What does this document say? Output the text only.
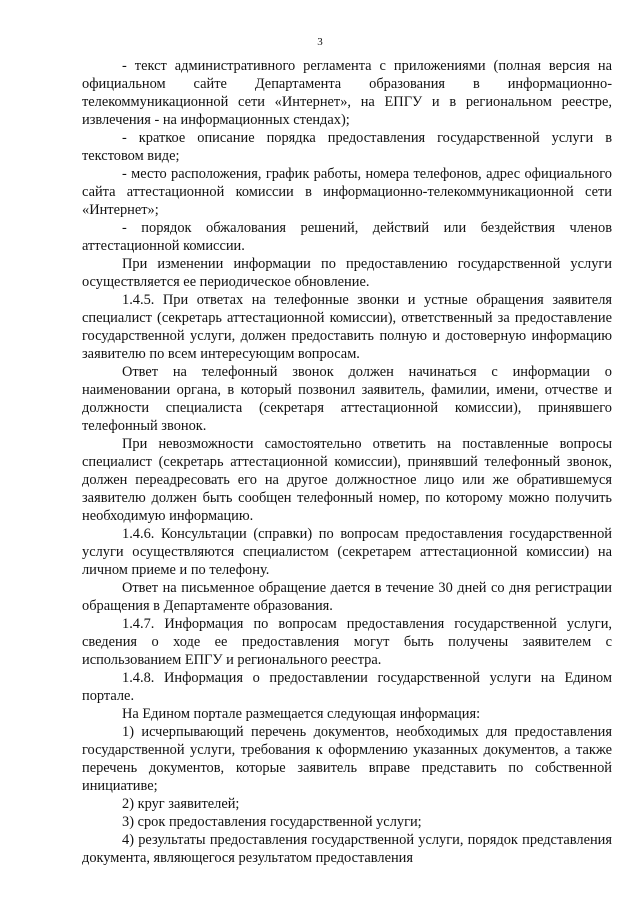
3

- текст административного регламента с приложениями (полная версия на официальном сайте Департамента образования в информационно-телекоммуникационной сети «Интернет», на ЕПГУ и в региональном реестре, извлечения - на информационных стендах);

- краткое описание порядка предоставления государственной услуги в текстовом виде;

- место расположения, график работы, номера телефонов, адрес официального сайта аттестационной комиссии в информационно-телекоммуникационной сети «Интернет»;

- порядок обжалования решений, действий или бездействия членов аттестационной комиссии.

При изменении информации по предоставлению государственной услуги осуществляется ее периодическое обновление.

1.4.5. При ответах на телефонные звонки и устные обращения заявителя специалист (секретарь аттестационной комиссии), ответственный за предоставление государственной услуги, должен предоставить полную и достоверную информацию заявителю по всем интересующим вопросам.

Ответ на телефонный звонок должен начинаться с информации о наименовании органа, в который позвонил заявитель, фамилии, имени, отчестве и должности специалиста (секретаря аттестационной комиссии), принявшего телефонный звонок.

При невозможности самостоятельно ответить на поставленные вопросы специалист (секретарь аттестационной комиссии), принявший телефонный звонок, должен переадресовать его на другое должностное лицо или же обратившемуся заявителю должен быть сообщен телефонный номер, по которому можно получить необходимую информацию.

1.4.6. Консультации (справки) по вопросам предоставления государственной услуги осуществляются специалистом (секретарем аттестационной комиссии) на личном приеме и по телефону.

Ответ на письменное обращение дается в течение 30 дней со дня регистрации обращения в Департаменте образования.

1.4.7. Информация по вопросам предоставления государственной услуги, сведения о ходе ее предоставления могут быть получены заявителем с использованием ЕПГУ и регионального реестра.

1.4.8. Информация о предоставлении государственной услуги на Едином портале.

На Едином портале размещается следующая информация:

1) исчерпывающий перечень документов, необходимых для предоставления государственной услуги, требования к оформлению указанных документов, а также перечень документов, которые заявитель вправе представить по собственной инициативе;

2) круг заявителей;

3) срок предоставления государственной услуги;

4) результаты предоставления государственной услуги, порядок представления документа, являющегося результатом предоставления
